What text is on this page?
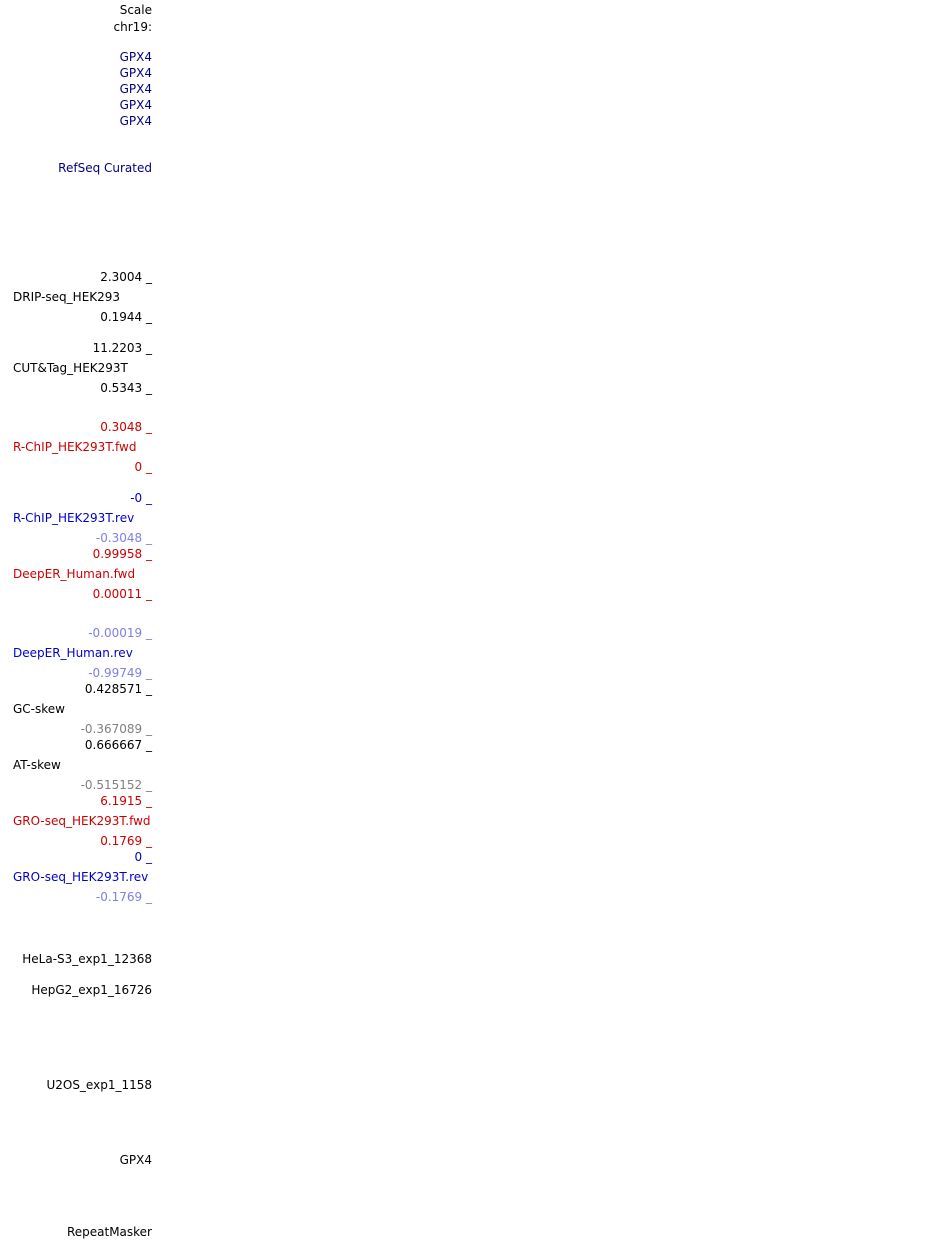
Scale
chr19:
GPX4
GPX4
GPX4
GPX4
GPX4
RefSeq Curated
2.3004 _
DRIP-seq_HEK293
0.1944 _
11.2203 _
CUT&Tag_HEK293T
0.5343 _
0.3048 _
R-ChIP_HEK293T.fwd
0 _
-0 _
R-ChIP_HEK293T.rev
-0.3048 _
0.99958 _
DeepER_Human.fwd
0.00011 _
-0.00019 _
DeepER_Human.rev
-0.99749 _
0.428571 _
GC-skew
-0.367089 _
0.666667 _
AT-skew
-0.515152 _
6.1915 _
GRO-seq_HEK293T.fwd
0.1769 _
0 _
GRO-seq_HEK293T.rev
-0.1769 _
HeLa-S3_exp1_12368
HepG2_exp1_16726
U2OS_exp1_1158
GPX4
RepeatMasker
